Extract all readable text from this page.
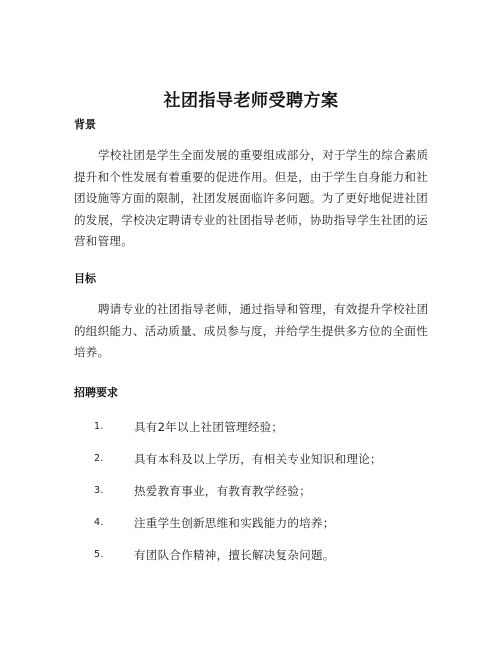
社团指导老师受聘方案

背景

学校社团是学生全面发展的重要组成部分，对于学生的综合素质提升和个性发展有着重要的促进作用。但是，由于学生自身能力和社团设施等方面的限制，社团发展面临许多问题。为了更好地促进社团的发展，学校决定聘请专业的社团指导老师，协助指导学生社团的运营和管理。

目标

聘请专业的社团指导老师，通过指导和管理，有效提升学校社团的组织能力、活动质量、成员参与度，并给学生提供多方位的全面性培养。

招聘要求

1.	具有2年以上社团管理经验；
2.	具有本科及以上学历，有相关专业知识和理论；
3.	热爱教育事业，有教育教学经验；
4.	注重学生创新思维和实践能力的培养；
5.	有团队合作精神，擅长解决复杂问题。
